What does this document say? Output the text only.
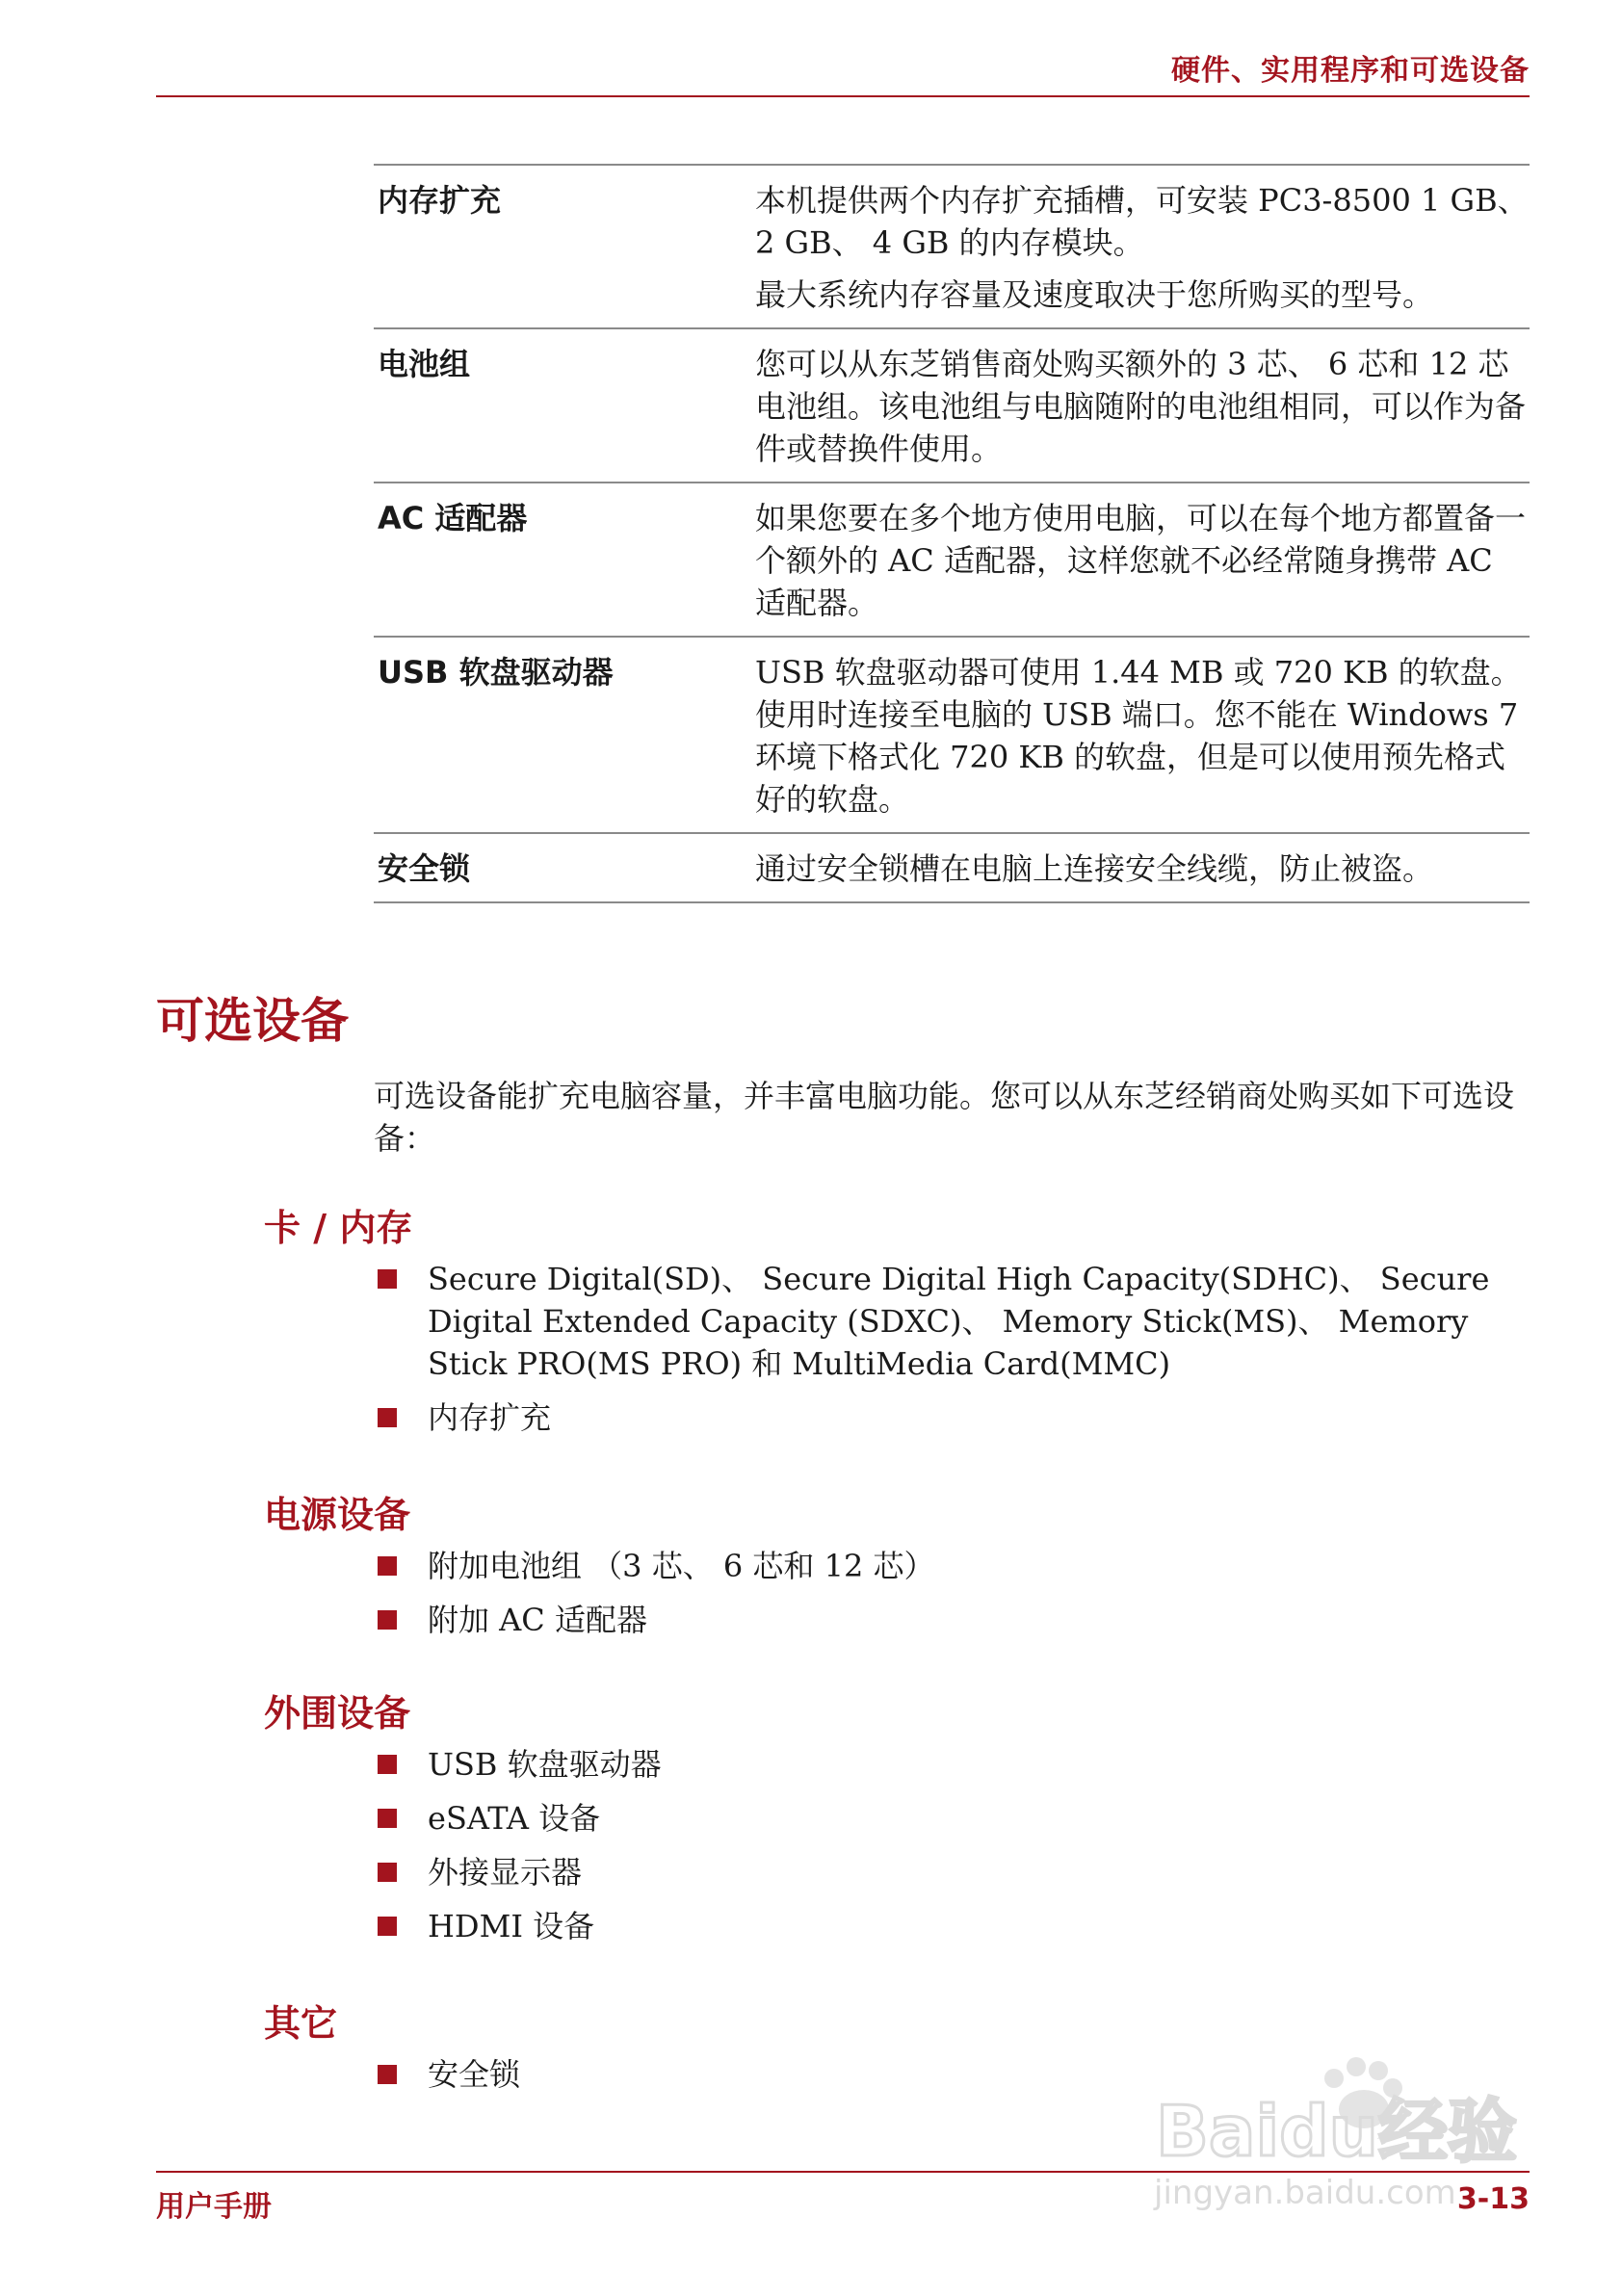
硬件、实用程序和可选设备
内存扩充	本机提供两个内存扩充插槽，可安装 PC3-8500 1 GB、 2 GB、 4 GB 的内存模块。

最大系统内存容量及速度取决于您所购买的型号。

电池组	您可以从东芝销售商处购买额外的 3 芯、 6 芯和 12 芯电池组。该电池组与电脑随附的电池组相同，可以作为备件或替换件使用。

AC 适配器	如果您要在多个地方使用电脑，可以在每个地方都置备一个额外的 AC 适配器，这样您就不必经常随身携带 AC 适配器。

USB 软盘驱动器	USB 软盘驱动器可使用 1.44 MB 或 720 KB 的软盘。使用时连接至电脑的 USB 端口。您不能在 Windows 7 环境下格式化 720 KB 的软盘，但是可以使用预先格式好的软盘。

安全锁	通过安全锁槽在电脑上连接安全线缆，防止被盗。

可选设备

可选设备能扩充电脑容量，并丰富电脑功能。您可以从东芝经销商处购买如下可选设备：

卡 / 内存
Secure Digital(SD)、 Secure Digital High Capacity(SDHC)、 Secure Digital Extended Capacity (SDXC)、 Memory Stick(MS)、 Memory Stick PRO(MS PRO) 和 MultiMedia Card(MMC)
内存扩充
电源设备
附加电池组 （3 芯、 6 芯和 12 芯）
附加 AC 适配器
外围设备
USB 软盘驱动器
eSATA 设备
外接显示器
HDMI 设备
其它
安全锁
Baidu经验
jingyan.baidu.com
用户手册	3-13
